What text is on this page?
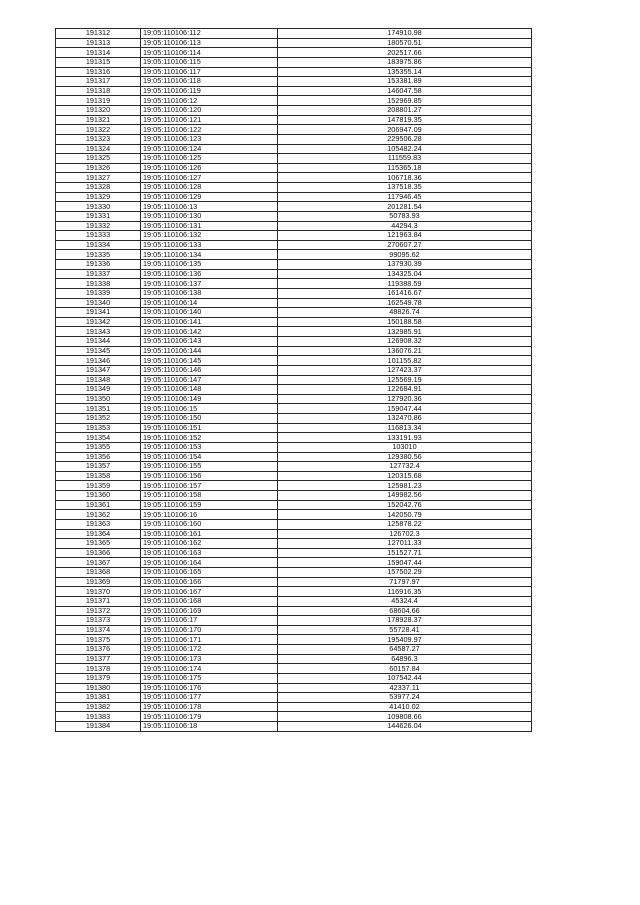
191312	19:05:110106:112	174910.98
191313	19:05:110106:113	180570.51
191314	19:05:110106:114	202517.66
191315	19:05:110106:115	183975.86
191316	19:05:110106:117	135355.14
191317	19:05:110106:118	153381.89
191318	19:05:110106:119	146047.58
191319	19:05:110106:12	152969.85
191320	19:05:110106:120	208801.27
191321	19:05:110106:121	147819.35
191322	19:05:110106:122	206947.09
191323	19:05:110106:123	229506.28
191324	19:05:110106:124	105482.24
191325	19:05:110106:125	111559.83
191326	19:05:110106:126	115365.18
191327	19:05:110106:127	106718.36
191328	19:05:110106:128	137518.35
191329	19:05:110106:129	117946.45
191330	19:05:110106:13	201281.54
191331	19:05:110106:130	50783.93
191332	19:05:110106:131	44294.3
191333	19:05:110106:132	121963.84
191334	19:05:110106:133	270607.27
191335	19:05:110106:134	99095.62
191336	19:05:110106:135	137930.39
191337	19:05:110106:136	134325.04
191338	19:05:110106:137	119388.59
191339	19:05:110106:138	161416.67
191340	19:05:110106:14	162549.78
191341	19:05:110106:140	48826.74
191342	19:05:110106:141	150188.58
191343	19:05:110106:142	132985.91
191344	19:05:110106:143	126908.32
191345	19:05:110106:144	136076.21
191346	19:05:110106:145	101155.82
191347	19:05:110106:146	127423.37
191348	19:05:110106:147	125569.19
191349	19:05:110106:148	122684.91
191350	19:05:110106:149	127920.36
191351	19:05:110106:15	159047.44
191352	19:05:110106:150	132470.86
191353	19:05:110106:151	116813.34
191354	19:05:110106:152	133191.93
191355	19:05:110106:153	103010
191356	19:05:110106:154	129380.56
191357	19:05:110106:155	127732.4
191358	19:05:110106:156	120315.68
191359	19:05:110106:157	125981.23
191360	19:05:110106:158	149982.56
191361	19:05:110106:159	152042.76
191362	19:05:110106:16	142050.79
191363	19:05:110106:160	125878.22
191364	19:05:110106:161	126702.3
191365	19:05:110106:162	127011.33
191366	19:05:110106:163	151527.71
191367	19:05:110106:164	159047.44
191368	19:05:110106:165	157502.29
191369	19:05:110106:166	71797.97
191370	19:05:110106:167	116916.35
191371	19:05:110106:168	45324.4
191372	19:05:110106:169	68604.66
191373	19:05:110106:17	178928.37
191374	19:05:110106:170	55728.41
191375	19:05:110106:171	195409.97
191376	19:05:110106:172	64587.27
191377	19:05:110106:173	64896.3
191378	19:05:110106:174	60157.84
191379	19:05:110106:175	107542.44
191380	19:05:110106:176	42337.11
191381	19:05:110106:177	53977.24
191382	19:05:110106:178	41410.02
191383	19:05:110106:179	109808.66
191384	19:05:110106:18	144626.04
